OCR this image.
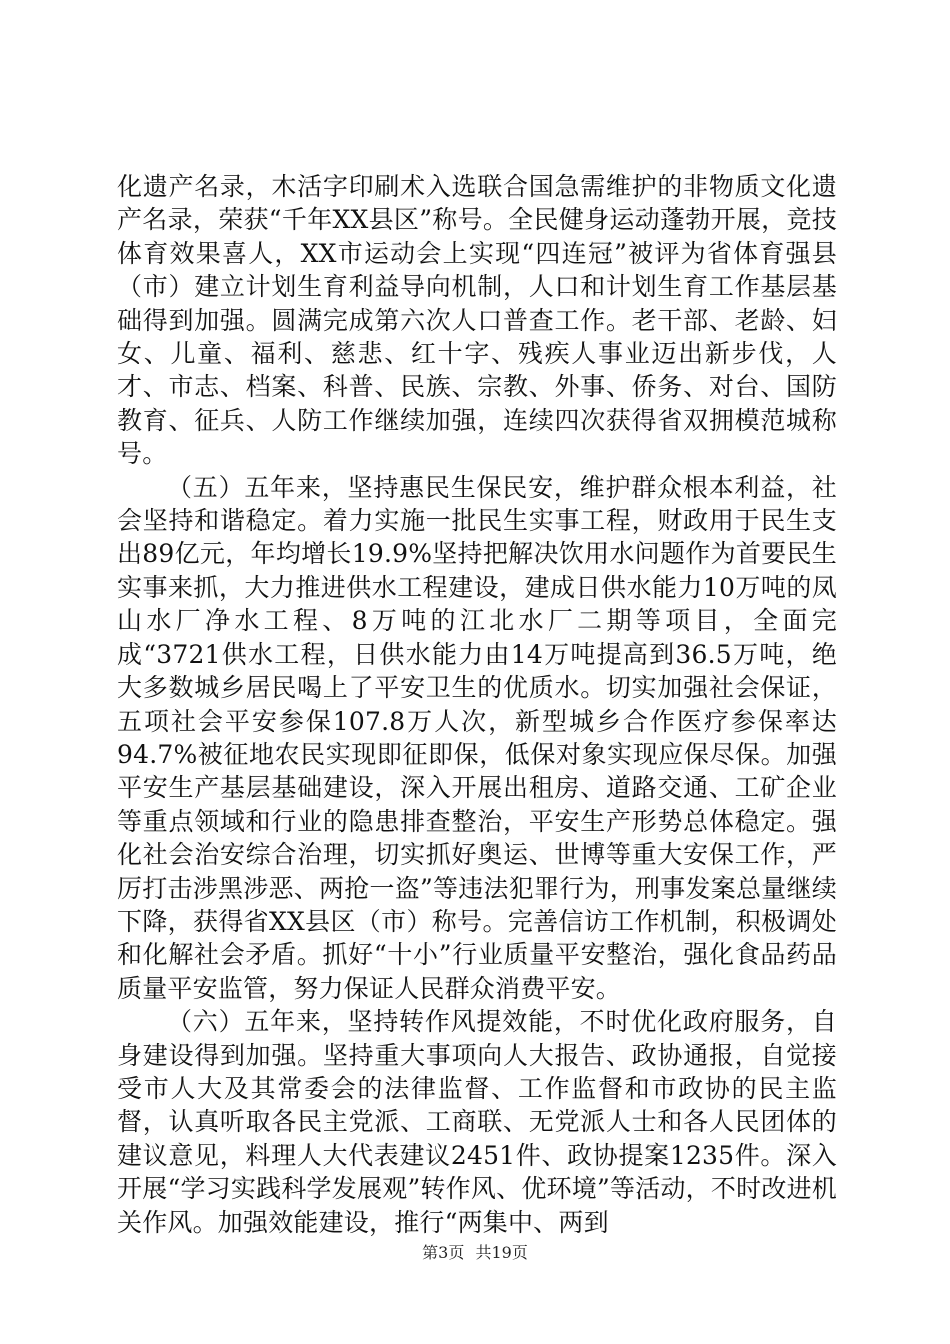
化遗产名录，木活字印刷术入选联合国急需维护的非物质文化遗产名录，荣获“千年XX县区”称号。全民健身运动蓬勃开展，竞技体育效果喜人，XX市运动会上实现“四连冠”被评为省体育强县（市）建立计划生育利益导向机制，人口和计划生育工作基层基础得到加强。圆满完成第六次人口普查工作。老干部、老龄、妇女、儿童、福利、慈悲、红十字、残疾人事业迈出新步伐，人才、市志、档案、科普、民族、宗教、外事、侨务、对台、国防教育、征兵、人防工作继续加强，连续四次获得省双拥模范城称号。

（五）五年来，坚持惠民生保民安，维护群众根本利益，社会坚持和谐稳定。着力实施一批民生实事工程，财政用于民生支出89亿元，年均增长19.9%坚持把解决饮用水问题作为首要民生实事来抓，大力推进供水工程建设，建成日供水能力10万吨的凤山水厂净水工程、8万吨的江北水厂二期等项目，全面完成“3721供水工程，日供水能力由14万吨提高到36.5万吨，绝大多数城乡居民喝上了平安卫生的优质水。切实加强社会保证，五项社会平安参保107.8万人次，新型城乡合作医疗参保率达94.7%被征地农民实现即征即保，低保对象实现应保尽保。加强平安生产基层基础建设，深入开展出租房、道路交通、工矿企业等重点领域和行业的隐患排查整治，平安生产形势总体稳定。强化社会治安综合治理，切实抓好奥运、世博等重大安保工作，严厉打击涉黑涉恶、两抢一盗”等违法犯罪行为，刑事发案总量继续下降，获得省XX县区（市）称号。完善信访工作机制，积极调处和化解社会矛盾。抓好“十小”行业质量平安整治，强化食品药品质量平安监管，努力保证人民群众消费平安。

（六）五年来，坚持转作风提效能，不时优化政府服务，自身建设得到加强。坚持重大事项向人大报告、政协通报，自觉接受市人大及其常委会的法律监督、工作监督和市政协的民主监督，认真听取各民主党派、工商联、无党派人士和各人民团体的建议意见，料理人大代表建议2451件、政协提案1235件。深入开展“学习实践科学发展观”转作风、优环境”等活动，不时改进机关作风。加强效能建设，推行“两集中、两到

第3页 共19页
